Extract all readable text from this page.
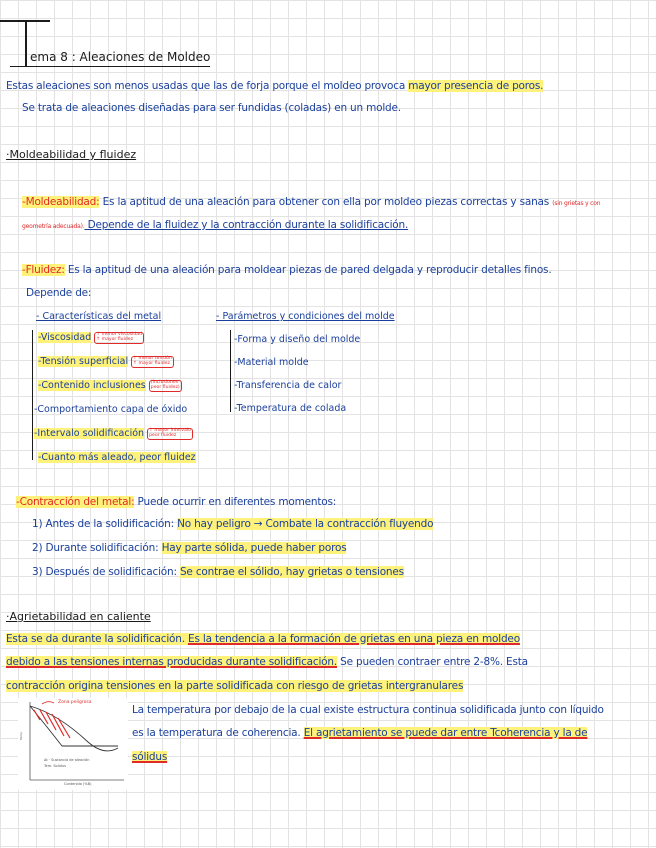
ema 8 : Aleaciones de Moldeo
Estas aleaciones son menos usadas que las de forja porque el moldeo provoca mayor presencia de poros.
Se trata de aleaciones diseñadas para ser fundidas (coladas) en un molde.
·Moldeabilidad y fluidez
-Moldeabilidad: Es la aptitud de una aleación para obtener con ella por moldeo piezas correctas y sanas (sin grietas y con
geometría adecuada). Depende de la fluidez y la contracción durante la solidificación.
-Fluidez: Es la aptitud de una aleación para moldear piezas de pared delgada y reproducir detalles finos.
Depende de:
- Características del metal	- Parámetros y condiciones del molde
-Viscosidad ↑ menor viscosidad
↑ mayor fluidez
-Tensión superficial ↑ menor tensión
↑ mayor fluidez
-Contenido inclusiones (inclusiones
peor fluidez)
-Comportamiento capa de óxido
-Intervalo solidificación ↑ mayor intervalo
peor fluidez
-Cuanto más aleado, peor fluidez
-Forma y diseño del molde
-Material molde
-Transferencia de calor
-Temperatura de colada
-Contracción del metal: Puede ocurrir en diferentes momentos:
1) Antes de la solidificación: No hay peligro → Combate la contracción fluyendo
2) Durante solidificación: Hay parte sólida, puede haber poros
3) Después de solidificación: Se contrae el sólido, hay grietas o tensiones
·Agrietabilidad en caliente
Esta se da durante la solidificación. Es la tendencia a la formación de grietas en una pieza en moldeo
debido a las tensiones internas producidas durante solidificación. Se pueden contraer entre 2-8%. Esta
contracción origina tensiones en la parte solidificada con riesgo de grietas intergranulares
Temp.
Zona peligrosa
Δt · Sustancia de aleación
Tem. Solidus
Contenido (%B)
La temperatura por debajo de la cual existe estructura continua solidificada junto con líquido
es la temperatura de coherencia. El agrietamiento se puede dar entre Tcoherencia y la de
sólidus
